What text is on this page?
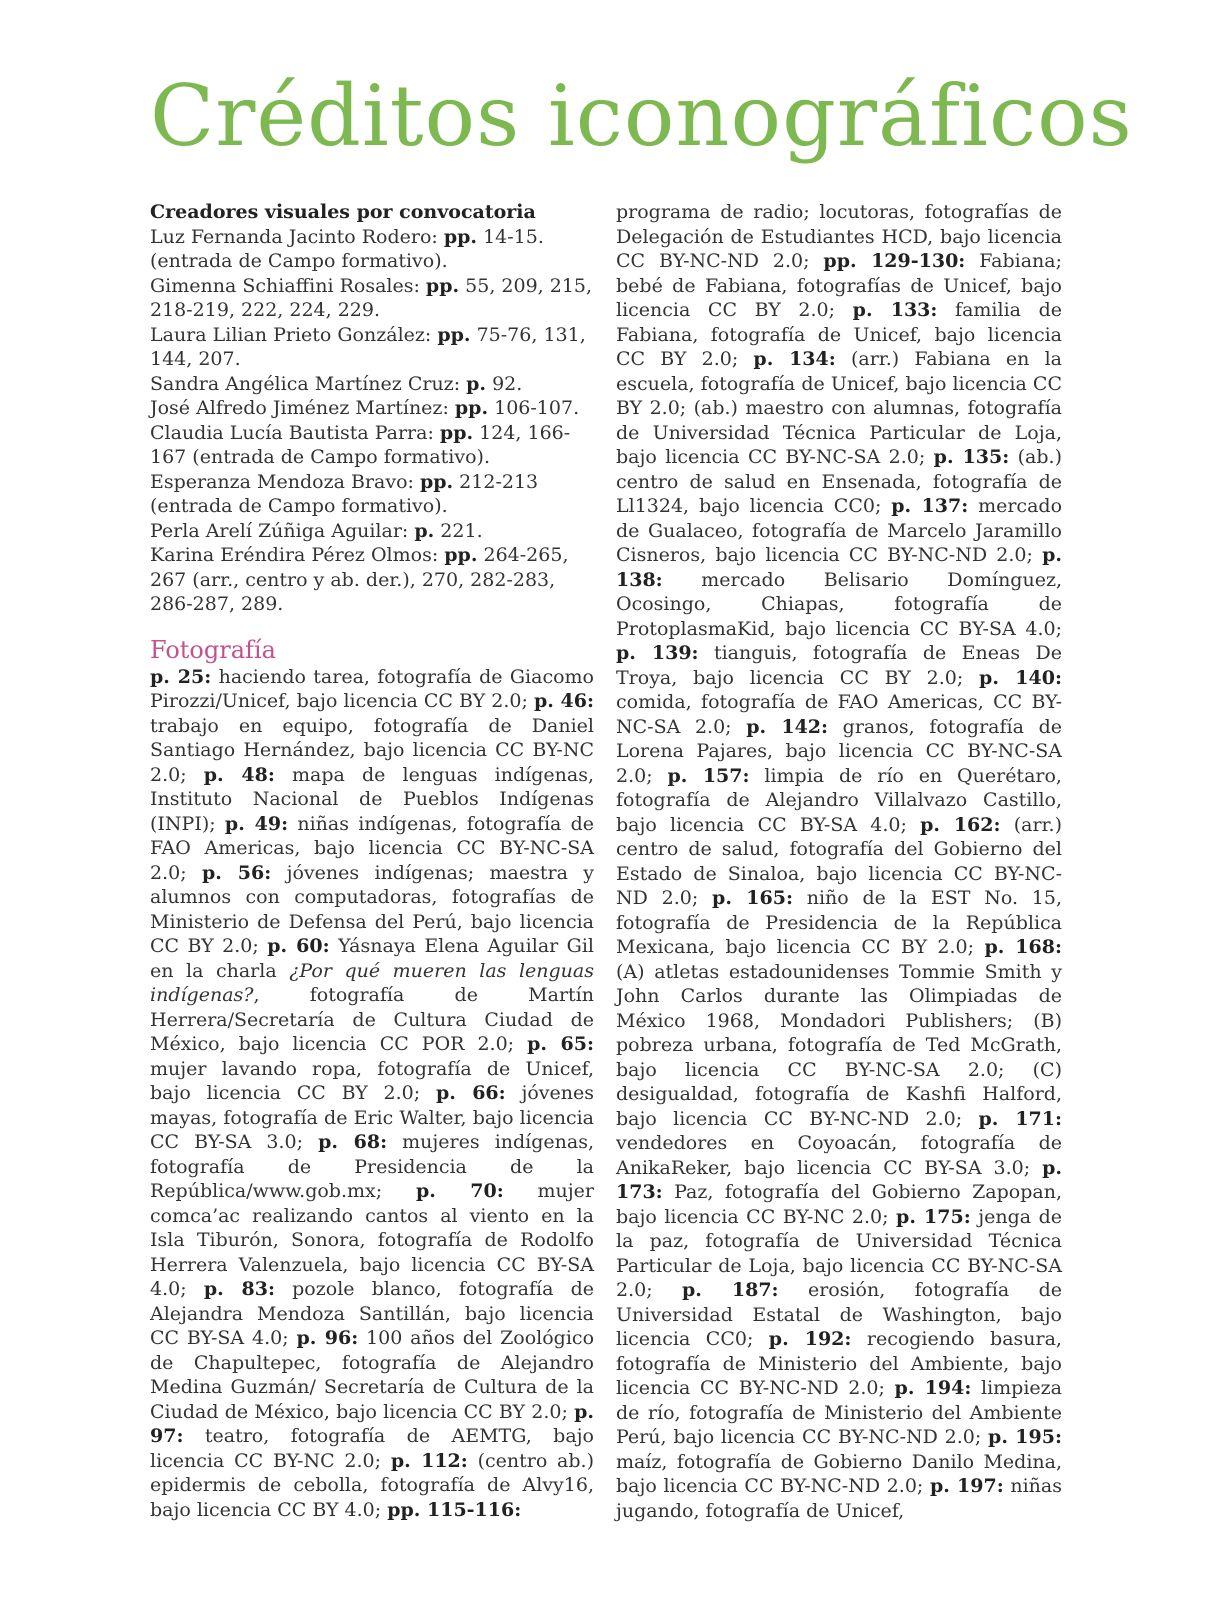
Créditos iconográficos

Creadores visuales por convocatoria

Luz Fernanda Jacinto Rodero: pp. 14-15. (entrada de Campo formativo).

Gimenna Schiaffini Rosales: pp. 55, 209, 215, 218-219, 222, 224, 229.

Laura Lilian Prieto González: pp. 75-76, 131, 144, 207.

Sandra Angélica Martínez Cruz: p. 92.

José Alfredo Jiménez Martínez: pp. 106-107.

Claudia Lucía Bautista Parra: pp. 124, 166-167 (entrada de Campo formativo).

Esperanza Mendoza Bravo: pp. 212-213 (entrada de Campo formativo).

Perla Arelí Zúñiga Aguilar: p. 221.

Karina Eréndira Pérez Olmos: pp. 264-265, 267 (arr., centro y ab. der.), 270, 282-283, 286-287, 289.

Fotografía

p. 25: haciendo tarea, fotografía de Giacomo Pirozzi/Unicef, bajo licencia CC BY 2.0; p. 46: trabajo en equipo, fotografía de Daniel Santiago Hernández, bajo licencia CC BY-NC 2.0; p. 48: mapa de lenguas indígenas, Instituto Nacional de Pueblos Indígenas (INPI); p. 49: niñas indígenas, fotografía de FAO Americas, bajo licencia CC BY-NC-SA 2.0; p. 56: jóvenes indígenas; maestra y alumnos con computadoras, fotografías de Ministerio de Defensa del Perú, bajo licencia CC BY 2.0; p. 60: Yásnaya Elena Aguilar Gil en la charla ¿Por qué mueren las lenguas indígenas?, fotografía de Martín Herrera/Secretaría de Cultura Ciudad de México, bajo licencia CC POR 2.0; p. 65: mujer lavando ropa, fotografía de Unicef, bajo licencia CC BY 2.0; p. 66: jóvenes mayas, fotografía de Eric Walter, bajo licencia CC BY-SA 3.0; p. 68: mujeres indígenas, fotografía de Presidencia de la República/www.gob.mx; p. 70: mujer comca’ac realizando cantos al viento en la Isla Tiburón, Sonora, fotografía de Rodolfo Herrera Valenzuela, bajo licencia CC BY-SA 4.0; p. 83: pozole blanco, fotografía de Alejandra Mendoza Santillán, bajo licencia CC BY-SA 4.0; p. 96: 100 años del Zoológico de Chapultepec, fotografía de Alejandro Medina Guzmán/ Secretaría de Cultura de la Ciudad de México, bajo licencia CC BY 2.0; p. 97: teatro, fotografía de AEMTG, bajo licencia CC BY-NC 2.0; p. 112: (centro ab.) epidermis de cebolla, fotografía de Alvy16, bajo licencia CC BY 4.0; pp. 115-116:

programa de radio; locutoras, fotografías de Delegación de Estudiantes HCD, bajo licencia CC BY-NC-ND 2.0; pp. 129-130: Fabiana; bebé de Fabiana, fotografías de Unicef, bajo licencia CC BY 2.0; p. 133: familia de Fabiana, fotografía de Unicef, bajo licencia CC BY 2.0; p. 134: (arr.) Fabiana en la escuela, fotografía de Unicef, bajo licencia CC BY 2.0; (ab.) maestro con alumnas, fotografía de Universidad Técnica Particular de Loja, bajo licencia CC BY-NC-SA 2.0; p. 135: (ab.) centro de salud en Ensenada, fotografía de Ll1324, bajo licencia CC0; p. 137: mercado de Gualaceo, fotografía de Marcelo Jaramillo Cisneros, bajo licencia CC BY-NC-ND 2.0; p. 138: mercado Belisario Domínguez, Ocosingo, Chiapas, fotografía de ProtoplasmaKid, bajo licencia CC BY-SA 4.0; p. 139: tianguis, fotografía de Eneas De Troya, bajo licencia CC BY 2.0; p. 140: comida, fotografía de FAO Americas, CC BY-NC-SA 2.0; p. 142: granos, fotografía de Lorena Pajares, bajo licencia CC BY-NC-SA 2.0; p. 157: limpia de río en Querétaro, fotografía de Alejandro Villalvazo Castillo, bajo licencia CC BY-SA 4.0; p. 162: (arr.) centro de salud, fotografía del Gobierno del Estado de Sinaloa, bajo licencia CC BY-NC-ND 2.0; p. 165: niño de la EST No. 15, fotografía de Presidencia de la República Mexicana, bajo licencia CC BY 2.0; p. 168: (A) atletas estadounidenses Tommie Smith y John Carlos durante las Olimpiadas de México 1968, Mondadori Publishers; (B) pobreza urbana, fotografía de Ted McGrath, bajo licencia CC BY-NC-SA 2.0; (C) desigualdad, fotografía de Kashfi Halford, bajo licencia CC BY-NC-ND 2.0; p. 171: vendedores en Coyoacán, fotografía de AnikaReker, bajo licencia CC BY-SA 3.0; p. 173: Paz, fotografía del Gobierno Zapopan, bajo licencia CC BY-NC 2.0; p. 175: jenga de la paz, fotografía de Universidad Técnica Particular de Loja, bajo licencia CC BY-NC-SA 2.0; p. 187: erosión, fotografía de Universidad Estatal de Washington, bajo licencia CC0; p. 192: recogiendo basura, fotografía de Ministerio del Ambiente, bajo licencia CC BY-NC-ND 2.0; p. 194: limpieza de río, fotografía de Ministerio del Ambiente Perú, bajo licencia CC BY-NC-ND 2.0; p. 195: maíz, fotografía de Gobierno Danilo Medina, bajo licencia CC BY-NC-ND 2.0; p. 197: niñas jugando, fotografía de Unicef,
